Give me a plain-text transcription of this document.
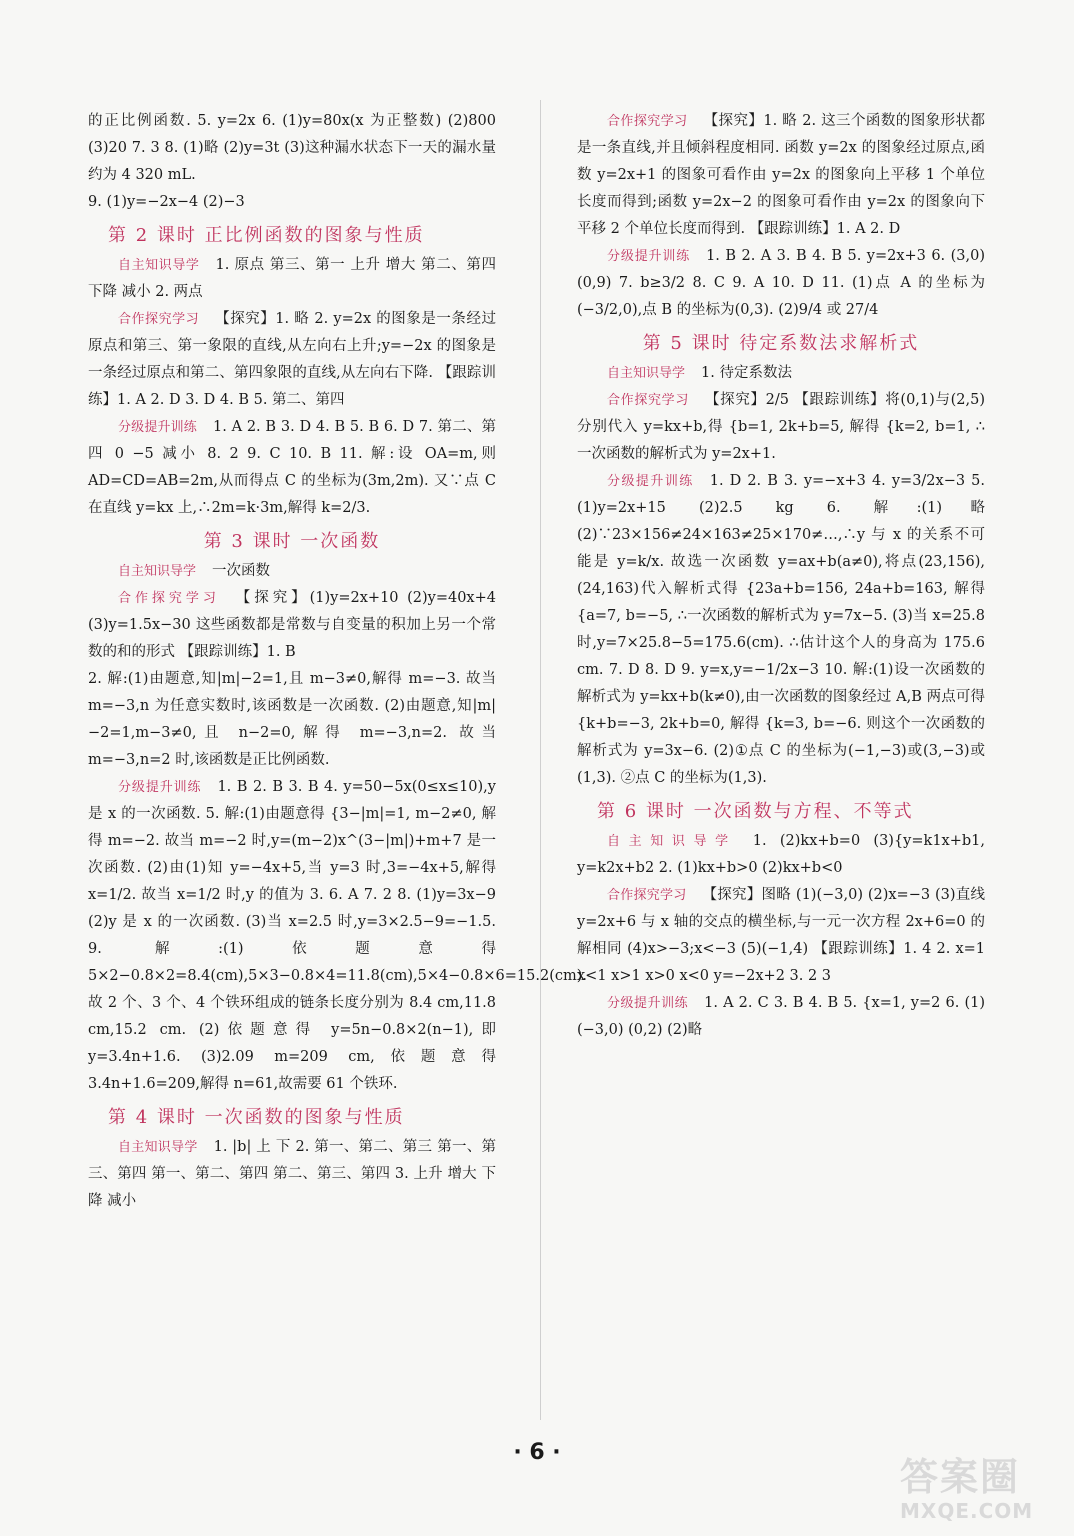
的正比例函数. 5. y=2x 6. (1)y=80x(x 为正整数) (2)800 (3)20 7. 3 8. (1)略 (2)y=3t (3)这种漏水状态下一天的漏水量约为 4 320 mL.

9. (1)y=−2x−4 (2)−3

第 2 课时 正比例函数的图象与性质

自主知识导学 1. 原点 第三、第一 上升 增大 第二、第四 下降 减小 2. 两点

合作探究学习 【探究】1. 略 2. y=2x 的图象是一条经过原点和第三、第一象限的直线,从左向右上升;y=−2x 的图象是一条经过原点和第二、第四象限的直线,从左向右下降. 【跟踪训练】1. A 2. D 3. D 4. B 5. 第二、第四

分级提升训练 1. A 2. B 3. D 4. B 5. B 6. D 7. 第二、第四 0 −5 减小 8. 2 9. C 10. B 11. 解:设 OA=m,则 AD=CD=AB=2m,从而得点 C 的坐标为(3m,2m). 又∵点 C 在直线 y=kx 上,∴2m=k·3m,解得 k=2/3.

第 3 课时 一次函数

自主知识导学 一次函数

合作探究学习 【探究】(1)y=2x+10 (2)y=40x+4 (3)y=1.5x−30 这些函数都是常数与自变量的积加上另一个常数的和的形式 【跟踪训练】1. B

2. 解:(1)由题意,知|m|−2=1,且 m−3≠0,解得 m=−3. 故当 m=−3,n 为任意实数时,该函数是一次函数. (2)由题意,知|m|−2=1,m−3≠0,且 n−2=0,解得 m=−3,n=2. 故当 m=−3,n=2 时,该函数是正比例函数.

分级提升训练 1. B 2. B 3. B 4. y=50−5x(0≤x≤10),y 是 x 的一次函数. 5. 解:(1)由题意得 {3−|m|=1, m−2≠0, 解得 m=−2. 故当 m=−2 时,y=(m−2)x^(3−|m|)+m+7 是一次函数. (2)由(1)知 y=−4x+5,当 y=3 时,3=−4x+5,解得 x=1/2. 故当 x=1/2 时,y 的值为 3. 6. A 7. 2 8. (1)y=3x−9 (2)y 是 x 的一次函数. (3)当 x=2.5 时,y=3×2.5−9=−1.5. 9. 解:(1)依题意得 5×2−0.8×2=8.4(cm),5×3−0.8×4=11.8(cm),5×4−0.8×6=15.2(cm). 故 2 个、3 个、4 个铁环组成的链条长度分别为 8.4 cm,11.8 cm,15.2 cm. (2)依题意得 y=5n−0.8×2(n−1),即 y=3.4n+1.6. (3)2.09 m=209 cm,依题意得 3.4n+1.6=209,解得 n=61,故需要 61 个铁环.

第 4 课时 一次函数的图象与性质

自主知识导学 1. |b| 上 下 2. 第一、第二、第三 第一、第三、第四 第一、第二、第四 第二、第三、第四 3. 上升 增大 下降 减小

合作探究学习 【探究】1. 略 2. 这三个函数的图象形状都是一条直线,并且倾斜程度相同. 函数 y=2x 的图象经过原点,函数 y=2x+1 的图象可看作由 y=2x 的图象向上平移 1 个单位长度而得到;函数 y=2x−2 的图象可看作由 y=2x 的图象向下平移 2 个单位长度而得到. 【跟踪训练】1. A 2. D

分级提升训练 1. B 2. A 3. B 4. B 5. y=2x+3 6. (3,0) (0,9) 7. b≥3/2 8. C 9. A 10. D 11. (1)点 A 的坐标为(−3/2,0),点 B 的坐标为(0,3). (2)9/4 或 27/4

第 5 课时 待定系数法求解析式

自主知识导学 1. 待定系数法

合作探究学习 【探究】2/5 【跟踪训练】将(0,1)与(2,5)分别代入 y=kx+b,得 {b=1, 2k+b=5, 解得 {k=2, b=1, ∴一次函数的解析式为 y=2x+1.

分级提升训练 1. D 2. B 3. y=−x+3 4. y=3/2x−3 5. (1)y=2x+15 (2)2.5 kg 6. 解:(1)略 (2)∵23×156≠24×163≠25×170≠…,∴y 与 x 的关系不可能是 y=k/x. 故选一次函数 y=ax+b(a≠0),将点(23,156),(24,163)代入解析式得 {23a+b=156, 24a+b=163, 解得 {a=7, b=−5, ∴一次函数的解析式为 y=7x−5. (3)当 x=25.8 时,y=7×25.8−5=175.6(cm). ∴估计这个人的身高为 175.6 cm. 7. D 8. D 9. y=x,y=−1/2x−3 10. 解:(1)设一次函数的解析式为 y=kx+b(k≠0),由一次函数的图象经过 A,B 两点可得 {k+b=−3, 2k+b=0, 解得 {k=3, b=−6. 则这个一次函数的解析式为 y=3x−6. (2)①点 C 的坐标为(−1,−3)或(3,−3)或(1,3). ②点 C 的坐标为(1,3).

第 6 课时 一次函数与方程、不等式

自主知识导学 1. (2)kx+b=0 (3){y=k1x+b1, y=k2x+b2 2. (1)kx+b>0 (2)kx+b<0

合作探究学习 【探究】图略 (1)(−3,0) (2)x=−3 (3)直线 y=2x+6 与 x 轴的交点的横坐标,与一元一次方程 2x+6=0 的解相同 (4)x>−3;x<−3 (5)(−1,4) 【跟踪训练】1. 4 2. x=1 x<1 x>1 x>0 x<0 y=−2x+2 3. 2 3

分级提升训练 1. A 2. C 3. B 4. B 5. {x=1, y=2 6. (1)(−3,0) (0,2) (2)略

· 6 ·
答案圈
MXQE.COM
